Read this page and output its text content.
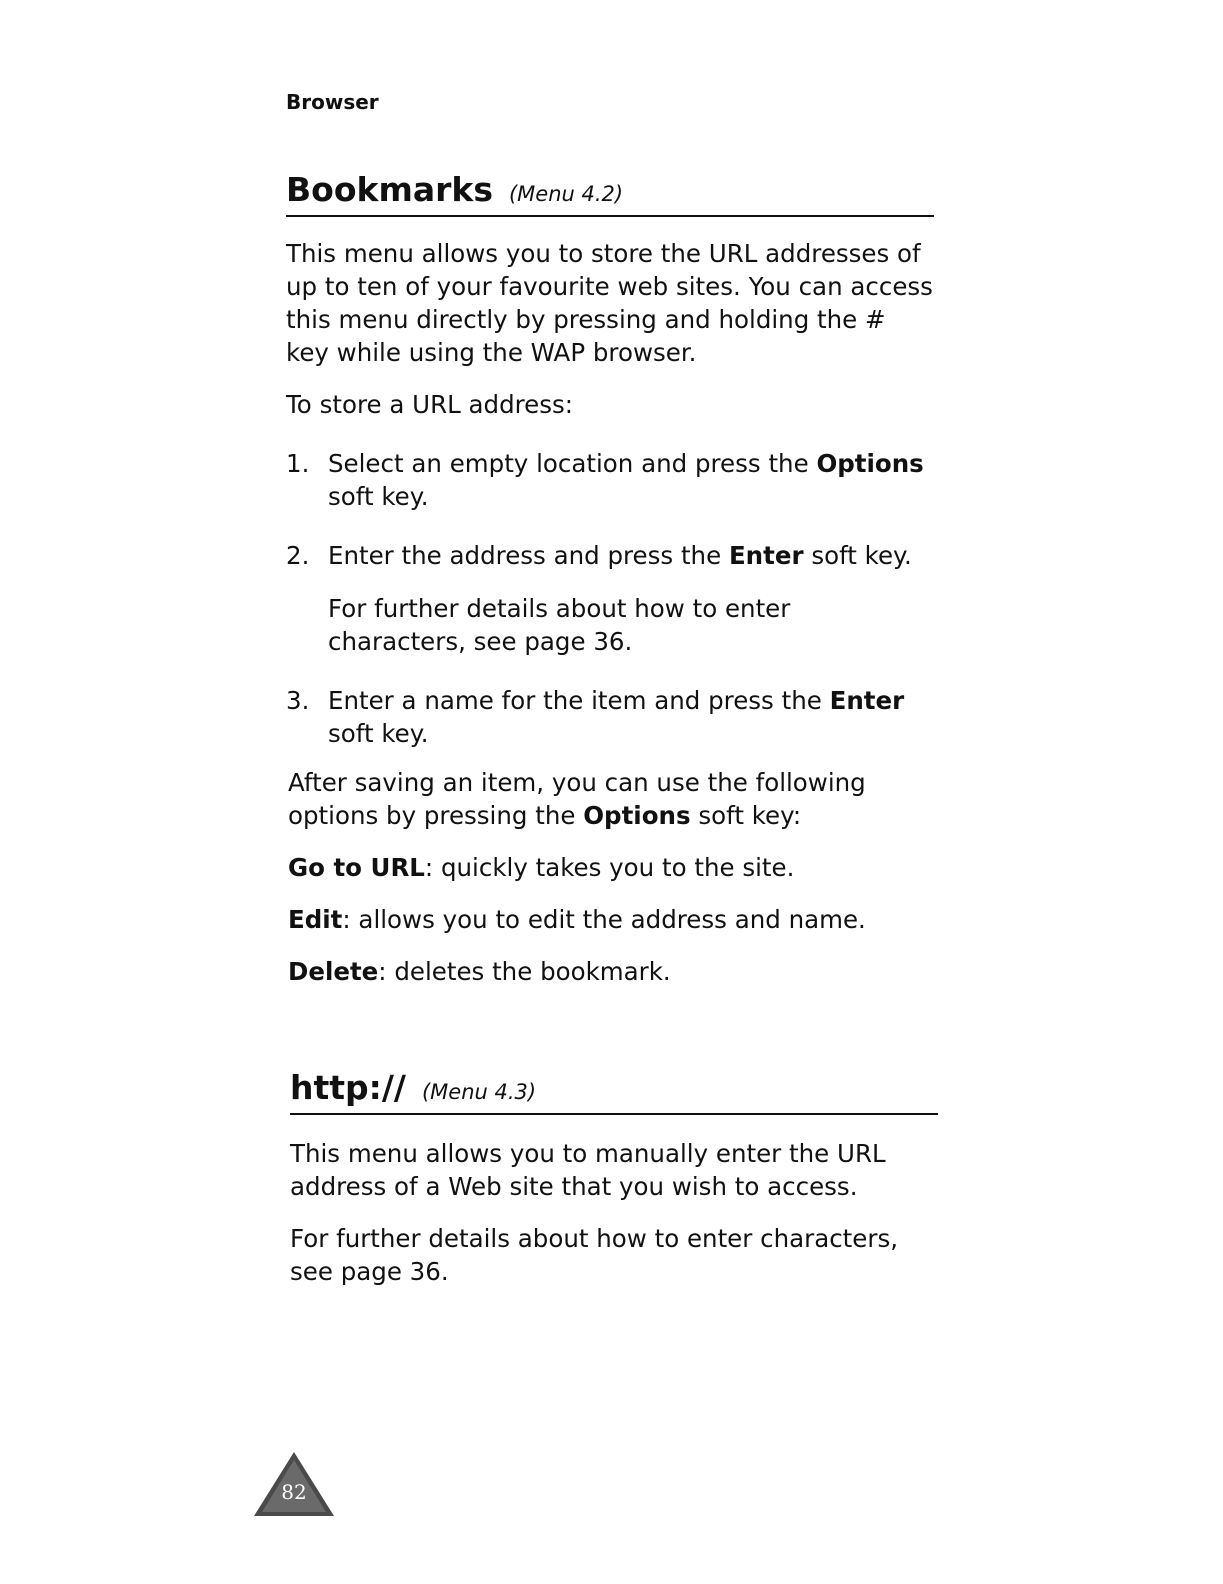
Browser
Bookmarks (Menu 4.2)

This menu allows you to store the URL addresses of up to ten of your favourite web sites. You can access this menu directly by pressing and holding the # key while using the WAP browser.

To store a URL address:

1. Select an empty location and press the Options soft key.
2. Enter the address and press the Enter soft key.
For further details about how to enter characters, see page 36.
3. Enter a name for the item and press the Enter soft key.

After saving an item, you can use the following options by pressing the Options soft key:

Go to URL: quickly takes you to the site.

Edit: allows you to edit the address and name.

Delete: deletes the bookmark.

http:// (Menu 4.3)

This menu allows you to manually enter the URL address of a Web site that you wish to access.

For further details about how to enter characters, see page 36.

82
